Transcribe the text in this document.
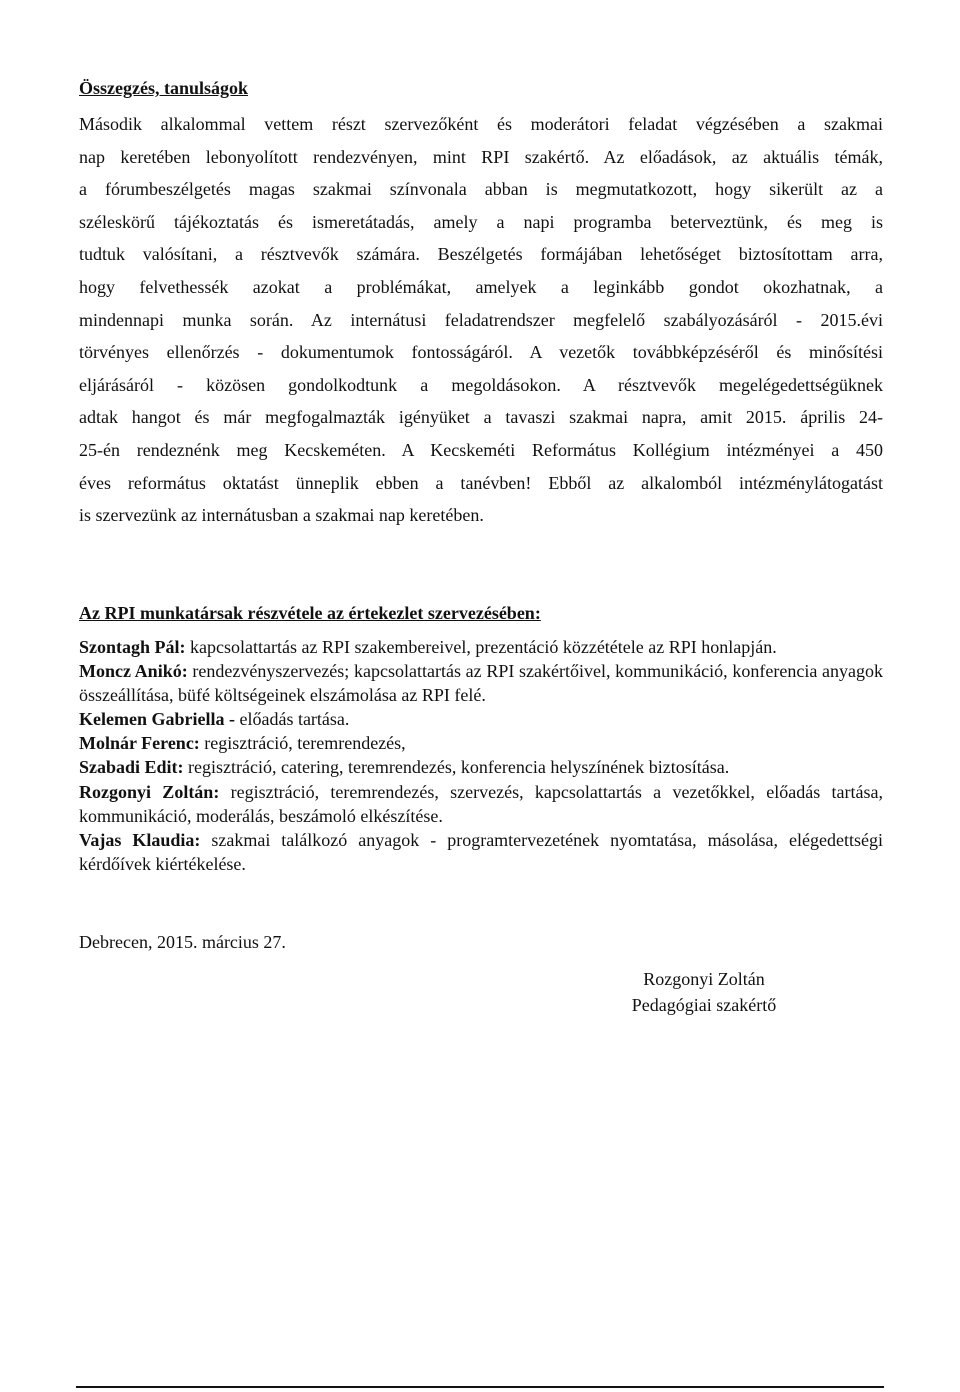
Összegzés, tanulságok
Második alkalommal vettem részt szervezőként és moderátori feladat végzésében a szakmai
nap keretében lebonyolított rendezvényen, mint RPI szakértő. Az előadások, az aktuális témák,
a fórumbeszélgetés magas szakmai színvonala abban is megmutatkozott, hogy sikerült az a
széleskörű tájékoztatás és ismeretátadás, amely a napi programba beterveztünk, és meg is
tudtuk valósítani, a résztvevők számára. Beszélgetés formájában lehetőséget biztosítottam arra,
hogy felvethessék azokat a problémákat, amelyek a leginkább gondot okozhatnak, a
mindennapi munka során. Az internátusi feladatrendszer megfelelő szabályozásáról - 2015.évi
törvényes ellenőrzés - dokumentumok fontosságáról. A vezetők továbbképzéséről és minősítési
eljárásáról - közösen gondolkodtunk a megoldásokon. A résztvevők megelégedettségüknek
adtak hangot és már megfogalmazták igényüket a tavaszi szakmai napra, amit 2015. április 24-
25-én rendeznénk meg Kecskeméten. A Kecskeméti Református Kollégium intézményei a 450
éves református oktatást ünneplik ebben a tanévben! Ebből az alkalomból intézménylátogatást
is szervezünk az internátusban a szakmai nap keretében.
Az RPI munkatársak részvétele az értekezlet szervezésében:
Szontagh Pál: kapcsolattartás az RPI szakembereivel, prezentáció közzététele az RPI honlapján.
Moncz Anikó: rendezvényszervezés; kapcsolattartás az RPI szakértőivel, kommunikáció, konferencia anyagok összeállítása, büfé költségeinek elszámolása az RPI felé.
Kelemen Gabriella - előadás tartása.
Molnár Ferenc: regisztráció, teremrendezés,
Szabadi Edit: regisztráció, catering, teremrendezés, konferencia helyszínének biztosítása.
Rozgonyi Zoltán: regisztráció, teremrendezés, szervezés, kapcsolattartás a vezetőkkel, előadás tartása, kommunikáció, moderálás, beszámoló elkészítése.
Vajas Klaudia: szakmai találkozó anyagok - programtervezetének nyomtatása, másolása, elégedettségi kérdőívek kiértékelése.
Debrecen, 2015. március 27.
Rozgonyi Zoltán
Pedagógiai szakértő
